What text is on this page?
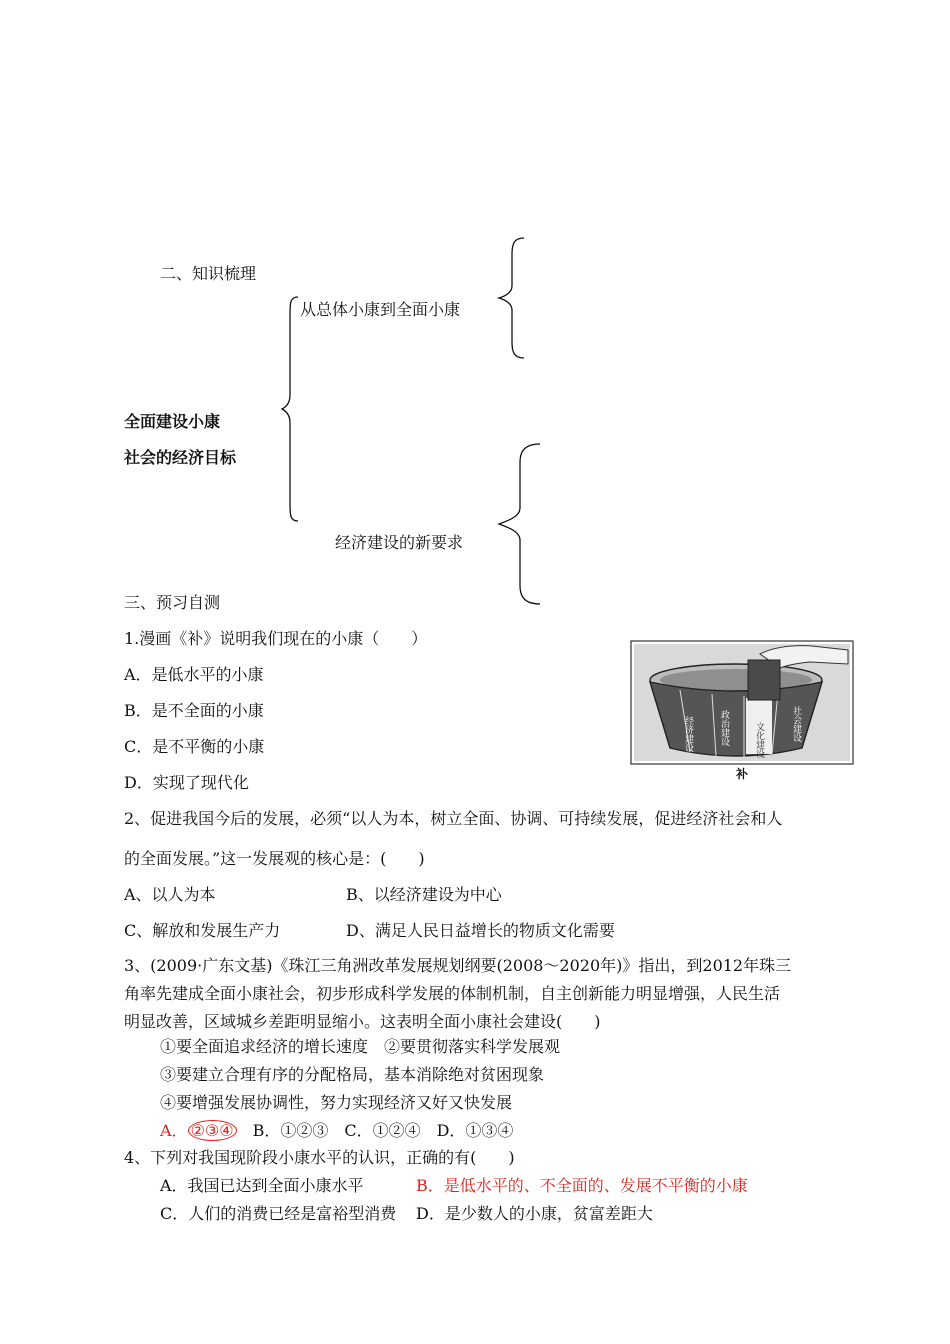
二、知识梳理
从总体小康到全面小康
全面建设小康
社会的经济目标
经济建设的新要求
三、预习自测
1.漫画《补》说明我们现在的小康（　　）
A．是低水平的小康
B．是不全面的小康
C．是不平衡的小康
D．实现了现代化
经济建设	政治建设	文化建设	社会建设
补
2、促进我国今后的发展，必须“以人为本，树立全面、协调、可持续发展，促进经济社会和人
的全面发展。”这一发展观的核心是：(　　)
A、以人为本	B、以经济建设为中心
C、解放和发展生产力	D、满足人民日益增长的物质文化需要
3、(2009·广东文基)《珠江三角洲改革发展规划纲要(2008～2020年)》指出，到2012年珠三
角率先建成全面小康社会，初步形成科学发展的体制机制，自主创新能力明显增强，人民生活
明显改善，区域城乡差距明显缩小。这表明全面小康社会建设(　　)
①要全面追求经济的增长速度　②要贯彻落实科学发展观
③要建立合理有序的分配格局，基本消除绝对贫困现象
④要增强发展协调性，努力实现经济又好又快发展
A． ②③④　B．①②③　C．①②④　D．①③④
4、下列对我国现阶段小康水平的认识，正确的有(　　)
A．我国已达到全面小康水平	B．是低水平的、不全面的、发展不平衡的小康
C．人们的消费已经是富裕型消费 D．是少数人的小康，贫富差距大
